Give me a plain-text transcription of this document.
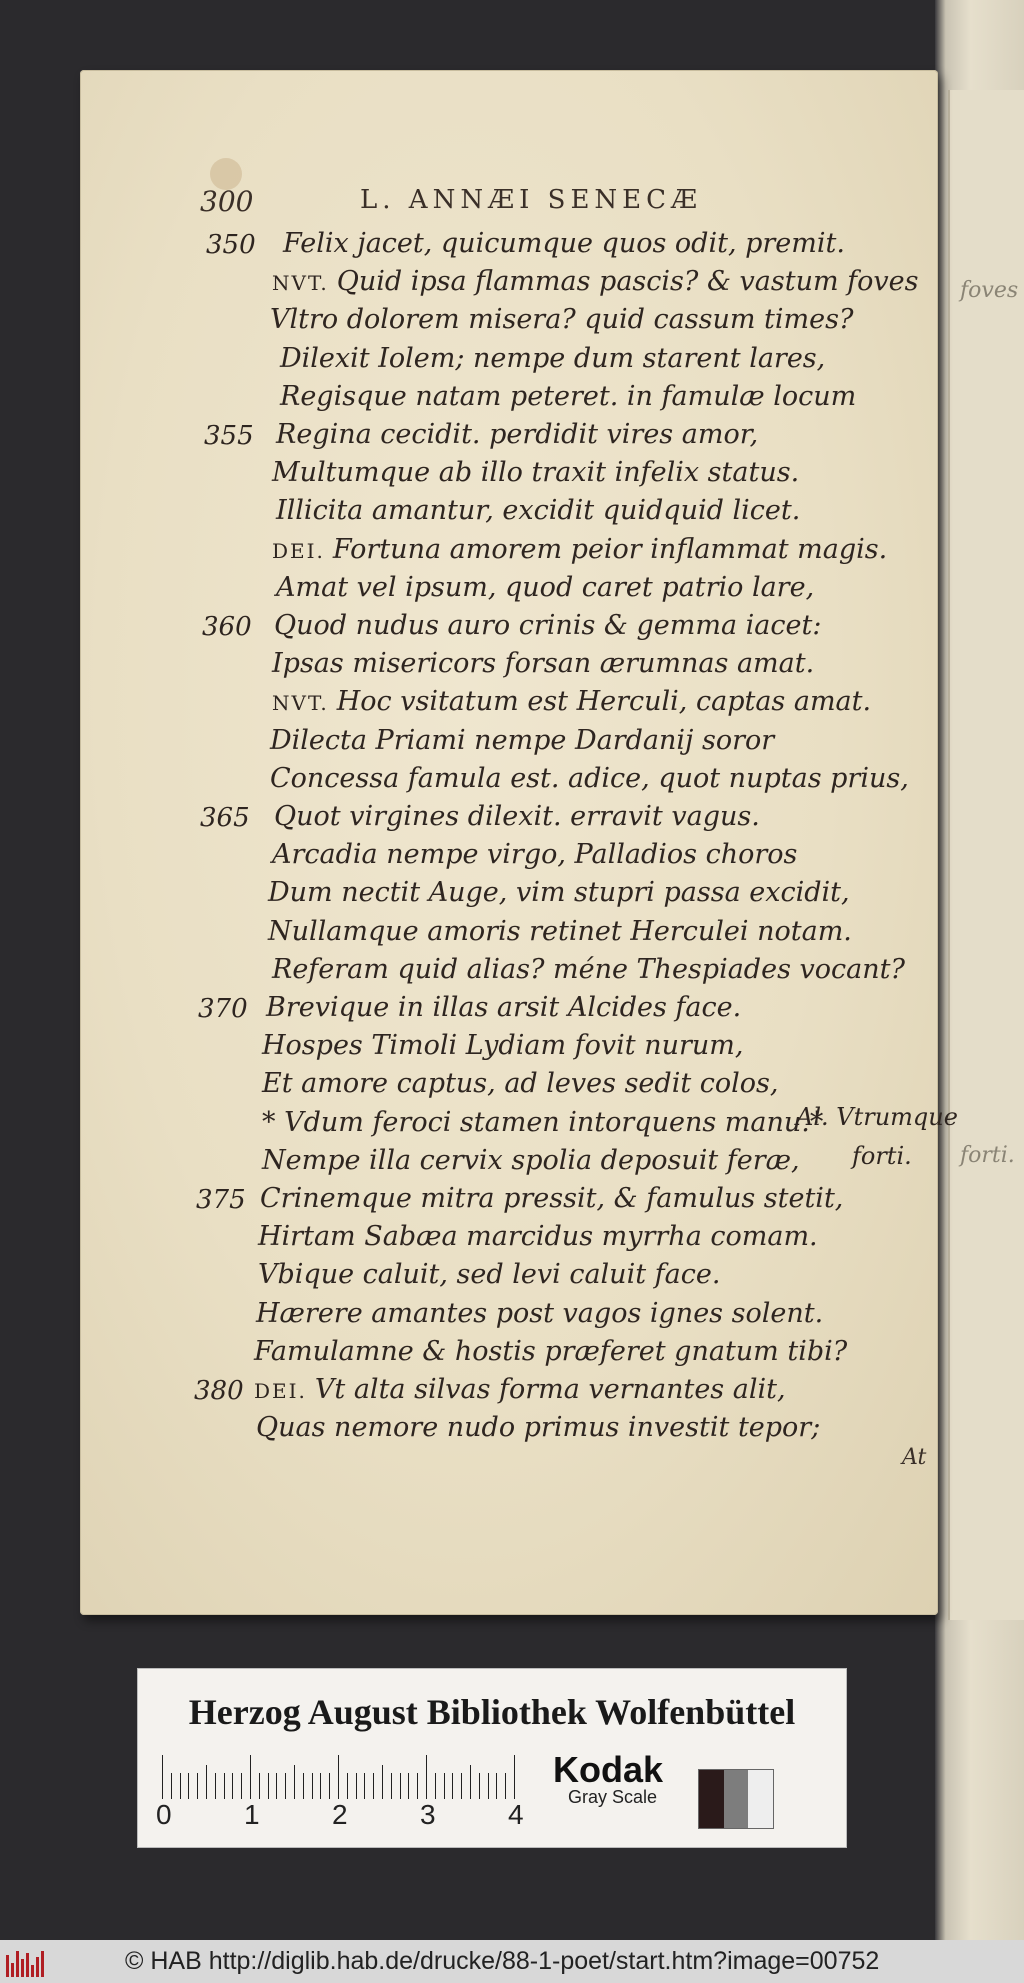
foves
forti.
300	L. ANNÆI SENECÆ
350	Felix jacet, quicumque quos odit, premit.
NVT. Quid ipsa flammas pascis? & vastum foves
Vltro dolorem misera? quid cassum times?
Dilexit Iolem; nempe dum starent lares,
Regisque natam peteret. in famulæ locum
355 Regina cecidit. perdidit vires amor,
Multumque ab illo traxit infelix status.
Illicita amantur, excidit quidquid licet.
DEI. Fortuna amorem peior inflammat magis.
Amat vel ipsum, quod caret patrio lare,
360 Quod nudus auro crinis & gemma iacet:
Ipsas misericors forsan ærumnas amat.
NVT. Hoc vsitatum est Herculi, captas amat.
Dilecta Priami nempe Dardanij soror
Concessa famula est. adice, quot nuptas prius,
365 Quot virgines dilexit. erravit vagus.
Arcadia nempe virgo, Palladios choros
Dum nectit Auge, vim stupri passa excidit,
Nullamque amoris retinet Herculei notam.
Referam quid alias? méne Thespiades vocant?
370 Brevique in illas arsit Alcides face.
Hospes Timoli Lydiam fovit nurum,
Et amore captus, ad leves sedit colos,
* Vdum feroci stamen intorquens manu.*
Nempe illa cervix spolia deposuit feræ,
375 Crinemque mitra pressit, & famulus stetit,
Hirtam Sabæa marcidus myrrha comam.
Vbique caluit, sed levi caluit face.
Hærere amantes post vagos ignes solent.
Famulamne & hostis præferet gnatum tibi?
380 DEI. Vt alta silvas forma vernantes alit,
Quas nemore nudo primus investit tepor;
Al. Vtrumque
forti.
At
Herzog August Bibliothek Wolfenbüttel
0	1	2	3	4
Kodak
Gray Scale
© HAB http://diglib.hab.de/drucke/88-1-poet/start.htm?image=00752
